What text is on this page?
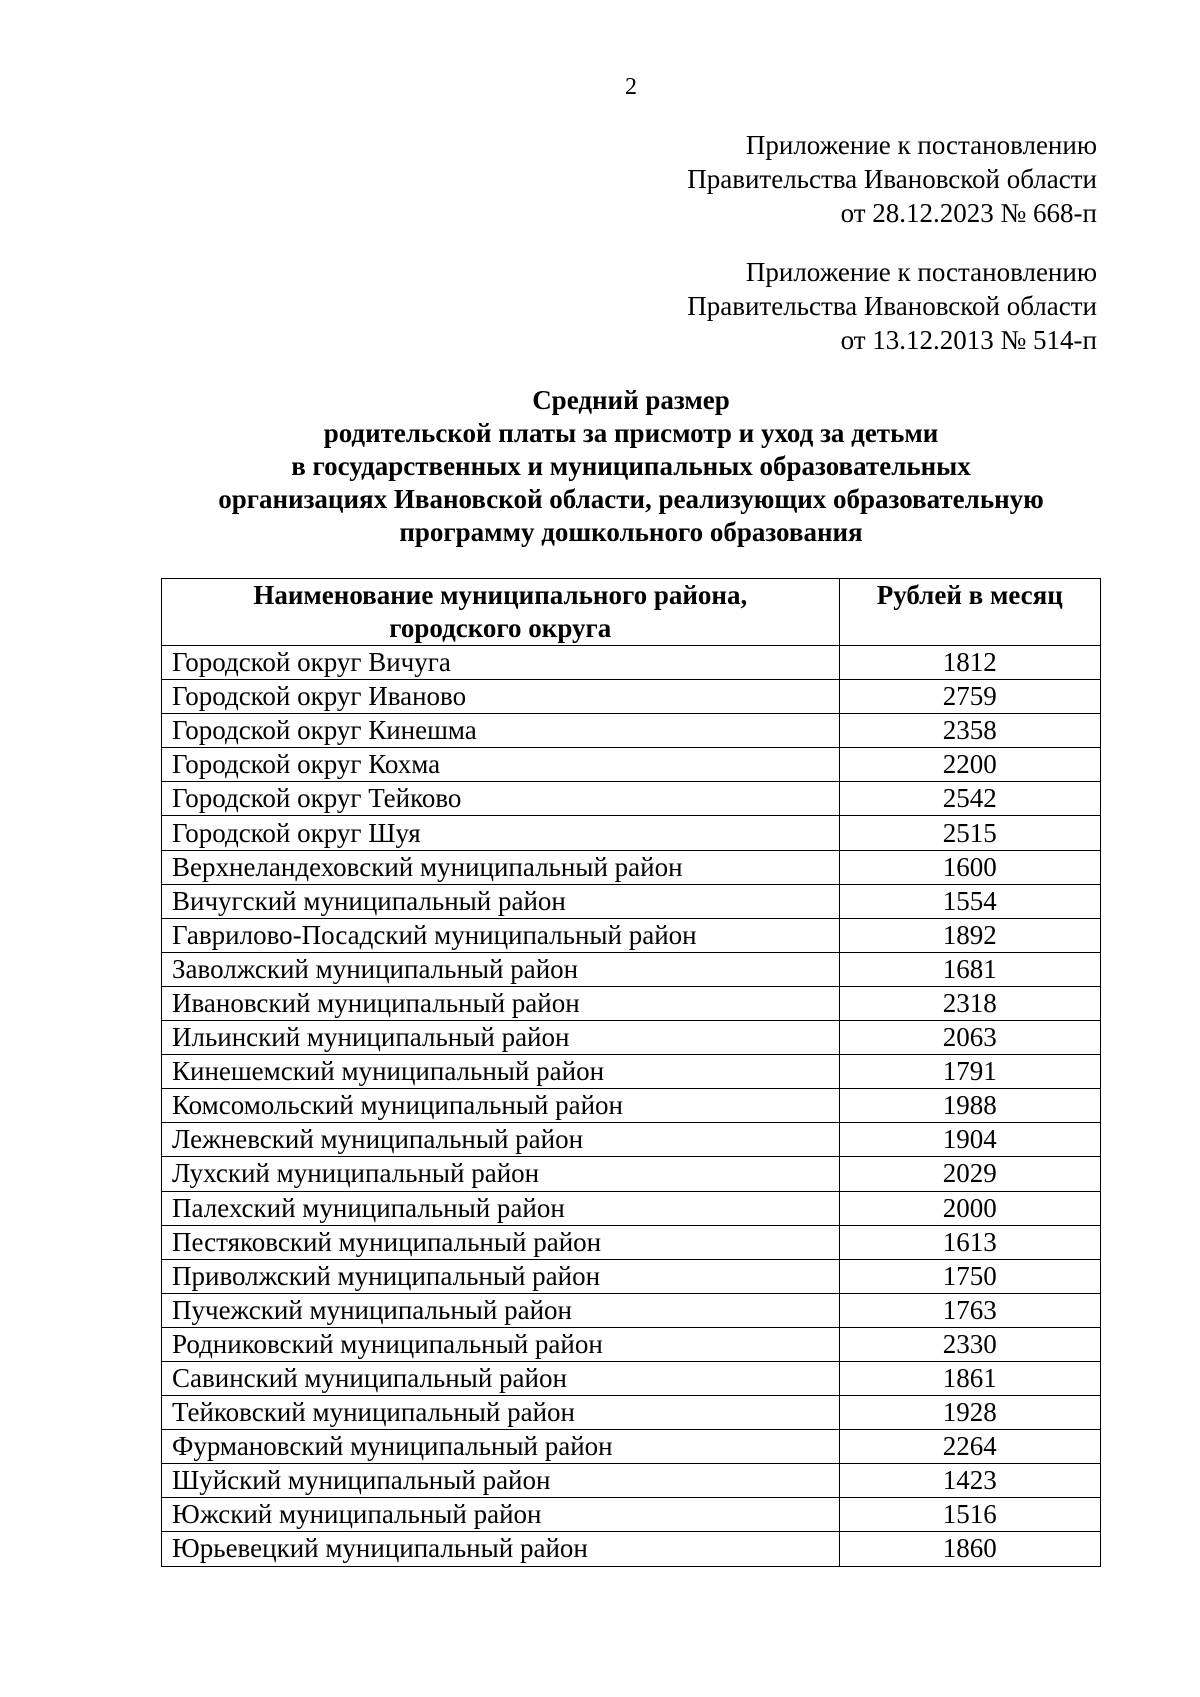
2
Приложение к постановлению
Правительства Ивановской области
от 28.12.2023 № 668-п
Приложение к постановлению
Правительства Ивановской области
от 13.12.2013 № 514-п
Средний размер
родительской платы за присмотр и уход за детьми
в государственных и муниципальных образовательных
организациях Ивановской области, реализующих образовательную
программу дошкольного образования
Наименование муниципального района,
городского округа	Рублей в месяц
Городской округ Вичуга	1812
Городской округ Иваново	2759
Городской округ Кинешма	2358
Городской округ Кохма	2200
Городской округ Тейково	2542
Городской округ Шуя	2515
Верхнеландеховский муниципальный район	1600
Вичугский муниципальный район	1554
Гаврилово-Посадский муниципальный район	1892
Заволжский муниципальный район	1681
Ивановский муниципальный район	2318
Ильинский муниципальный район	2063
Кинешемский муниципальный район	1791
Комсомольский муниципальный район	1988
Лежневский муниципальный район	1904
Лухский муниципальный район	2029
Палехский муниципальный район	2000
Пестяковский муниципальный район	1613
Приволжский муниципальный район	1750
Пучежский муниципальный район	1763
Родниковский муниципальный район	2330
Савинский муниципальный район	1861
Тейковский муниципальный район	1928
Фурмановский муниципальный район	2264
Шуйский муниципальный район	1423
Южский муниципальный район	1516
Юрьевецкий муниципальный район	1860
